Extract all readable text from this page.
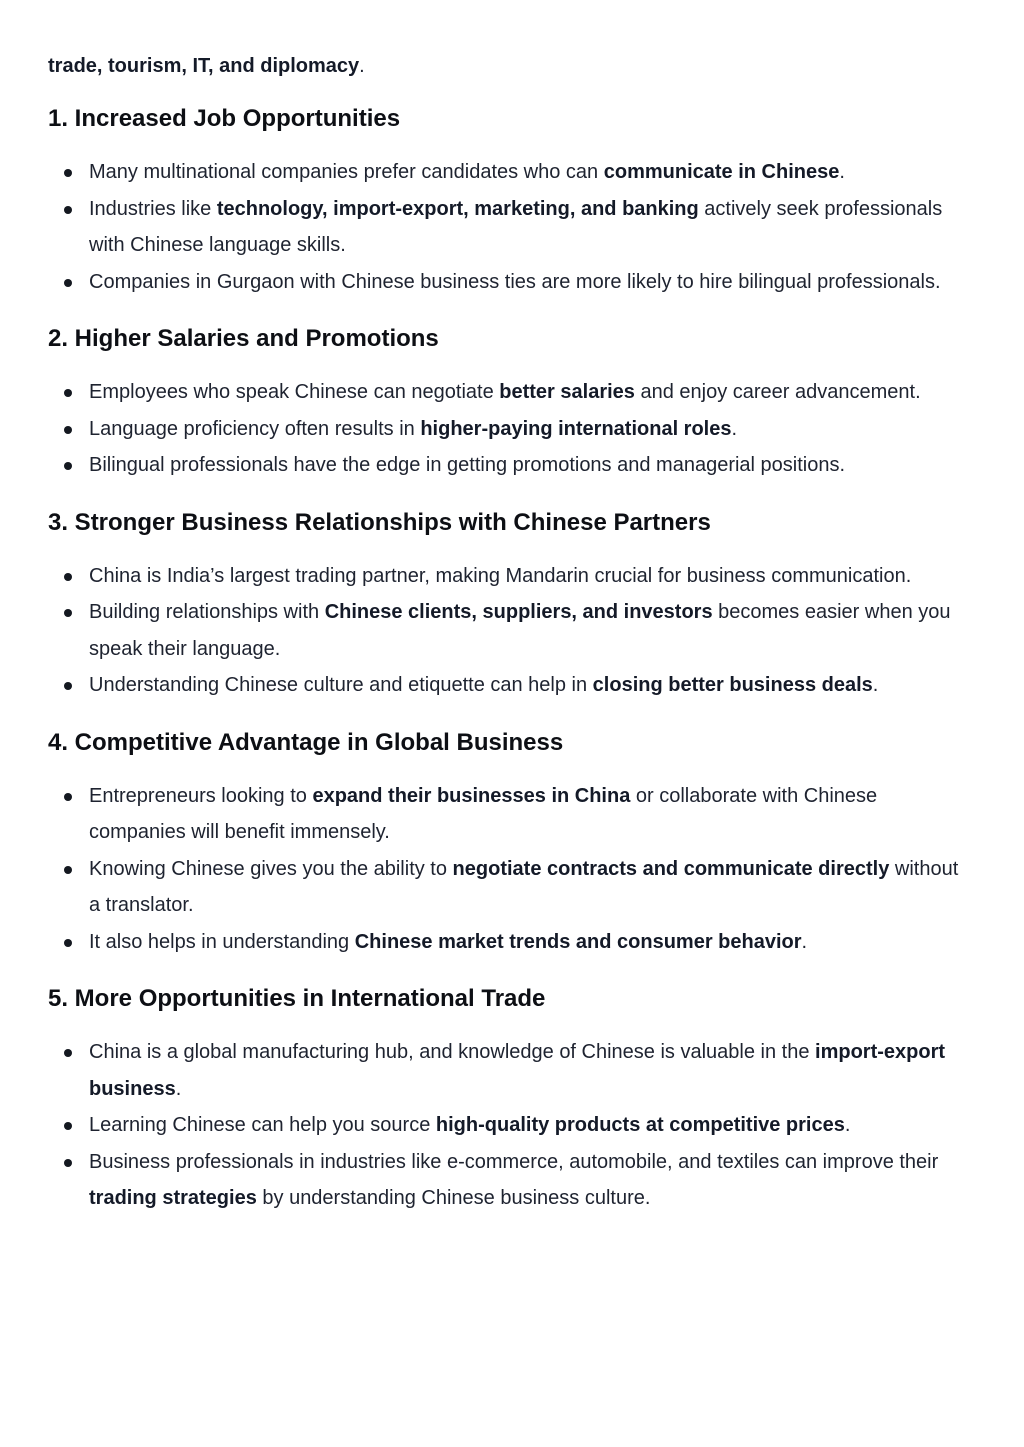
trade, tourism, IT, and diplomacy.

1. Increased Job Opportunities
Many multinational companies prefer candidates who can communicate in Chinese.
Industries like technology, import-export, marketing, and banking actively seek professionals with Chinese language skills.
Companies in Gurgaon with Chinese business ties are more likely to hire bilingual professionals.
2. Higher Salaries and Promotions
Employees who speak Chinese can negotiate better salaries and enjoy career advancement.
Language proficiency often results in higher-paying international roles.
Bilingual professionals have the edge in getting promotions and managerial positions.
3. Stronger Business Relationships with Chinese Partners
China is India’s largest trading partner, making Mandarin crucial for business communication.
Building relationships with Chinese clients, suppliers, and investors becomes easier when you speak their language.
Understanding Chinese culture and etiquette can help in closing better business deals.
4. Competitive Advantage in Global Business
Entrepreneurs looking to expand their businesses in China or collaborate with Chinese companies will benefit immensely.
Knowing Chinese gives you the ability to negotiate contracts and communicate directly without a translator.
It also helps in understanding Chinese market trends and consumer behavior.
5. More Opportunities in International Trade
China is a global manufacturing hub, and knowledge of Chinese is valuable in the import-export business.
Learning Chinese can help you source high-quality products at competitive prices.
Business professionals in industries like e-commerce, automobile, and textiles can improve their trading strategies by understanding Chinese business culture.
